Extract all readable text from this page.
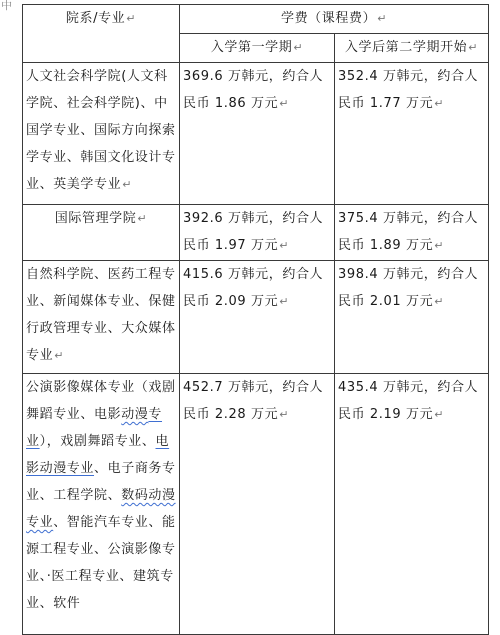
中
院系/专业↵	学费（课程费）↵	
	入学第一学期↵	入学后第二学期开始↵
人文社会科学院(人文科学院、社会科学院)、中国学专业、国际方向探索学专业、韩国文化设计专业、英美学专业↵	369.6 万韩元，约合人民币 1.86 万元↵	352.4 万韩元，约合人民币 1.77 万元↵
国际管理学院↵	392.6 万韩元，约合人民币 1.97 万元↵	375.4 万韩元，约合人民币 1.89 万元↵
自然科学院、医药工程专业、新闻媒体专业、保健行政管理专业、大众媒体专业↵	415.6 万韩元，约合人民币 2.09 万元↵	398.4 万韩元，约合人民币 2.01 万元↵
公演影像媒体专业（戏剧舞蹈专业、电影动漫专业），戏剧舞蹈专业、电影动漫专业、电子商务专业、工程学院、数码动漫专业、智能汽车专业、能源工程专业、公演影像专业、·医工程专业、建筑专业、软件	452.7 万韩元，约合人民币 2.28 万元↵	435.4 万韩元，约合人民币 2.19 万元↵
